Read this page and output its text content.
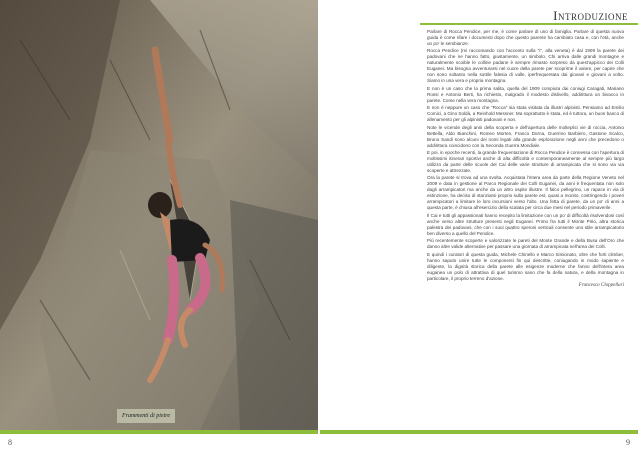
Frammenti di pietre
8
Introduzione

Parlare di Rocca Pendice, per me, è come parlare di uno di famiglia. Parlare di questa nuova guida è come rifare i documenti dopo che questo parente ha cambiato casa e, con l'età, anche un po' le sembianze.

Rocca Pendice (mi raccomando con l'accento sulla "i", alla veneta) è dal 1909 la parete dei padovani che ne hanno fatto, giustamente, un simbolo. Chi arriva dalle grandi montagne e naturalmente scoible le colline padane è sempre rimasto sorpreso da quest'appicco dei Colli Euganei. Ma bisogna avventurarsi nel cuore della parete per scoprirne il valore, per capire che non sono soltanto nella sottile falesia di valle, iperfrequentata dai giovani e giovani a volto. Siamo in una vera e propria montagna.

E non è un caso che la prima salita, quella del 1909 compiuta dai coniugi Caragati, Mariano Rossi e Antonio Berti, ha richiesto, malgrado il modesto dislivello, addirittura un bivacco in parete. Come nella vera montagna.

E non è neppure un caso che "Rocca" sia stata visitata da illustri alpinisti. Pensiamo ad Emilio Comici, a Gino Soldà, a Reinhold Messner. Ma soprattutto è stata, ed è tuttora, un buon banco di allenamento per gli alpinisti padovani e non.

Note le vicende degli anni della scoperta e dell'apertura delle molteplici vie di roccia. Antonio Bettella, Aldo Bianchini, Romeo Morten, Franco Dorna, Guerrino Barbiero, Gastone Scalco, Bruno Sandi sono alcuni dei nomi legati alla grande esplorazione negli anni che precedono o addirittura coincidono con la Seconda Guerra Mondiale.

E poi, in epoche recenti, la grande frequentazione di Rocca Pendice è connessa con l'apertura di moltissimi itinerari sportivi anche di alta difficoltà e contemporaneamente al sempre più largo utilizzo da parte delle scuole del Cai delle varie strutture di arrampicata che si sono via via scoperte e attrezzate.

Ora la parete si trova ad una svolta. Acquistata l'intera area da parte della Regione Veneto nel 2009 e data in gestione al Parco Regionale dei Colli Euganei, da anni è frequentata non solo dagli arrampicatori ma anche da un altro ospite illustre. Il falco pellegrino, un rapace in via di estinzione, ha deciso di stanziarsi proprio sulla parete est, quasi a monito, costringendo i poveri arrampicatori a limitare le loro incursioni verso l'alto. Una fetta di parete, da un po' di anni a questa parte, è chiusa all'esercizio della scalata per circa due mesi nel periodo primaverile.

Il Cai e tutti gli appassionati hanno recepito la limitazione con un po' di difficoltà risolvendosi così anche verso altre strutture presenti negli Euganei. Primo fra tutti il Monte Pirio, altra storica palestra dei padovani, che con i suoi quattro speroni verticali consente uno stile arrampicatorio ben diverso a quello del Pendice.

Più recentemente scoperte e valorizzate le pareti del Monte Grande e della Busa dell'Oro che danno altre valide alternative per passare una giornata di arrampicata nell'area dei Colli.

E quindi i curatori di questa guida, Michele Chinello e Marco Simionato, oltre che forti climber, hanno saputo unire tutte le componenti fin qui descritte, coniugando in modo sapiente e diligente, la dignità storica della parete alle esigenze moderne che fanno dell'intera area euganea un polo di attrattiva di quel turismo sano che fa della natura, e della montagna in particolare, il proprio terreno d'azione.

Francesco Cloppellari
9
